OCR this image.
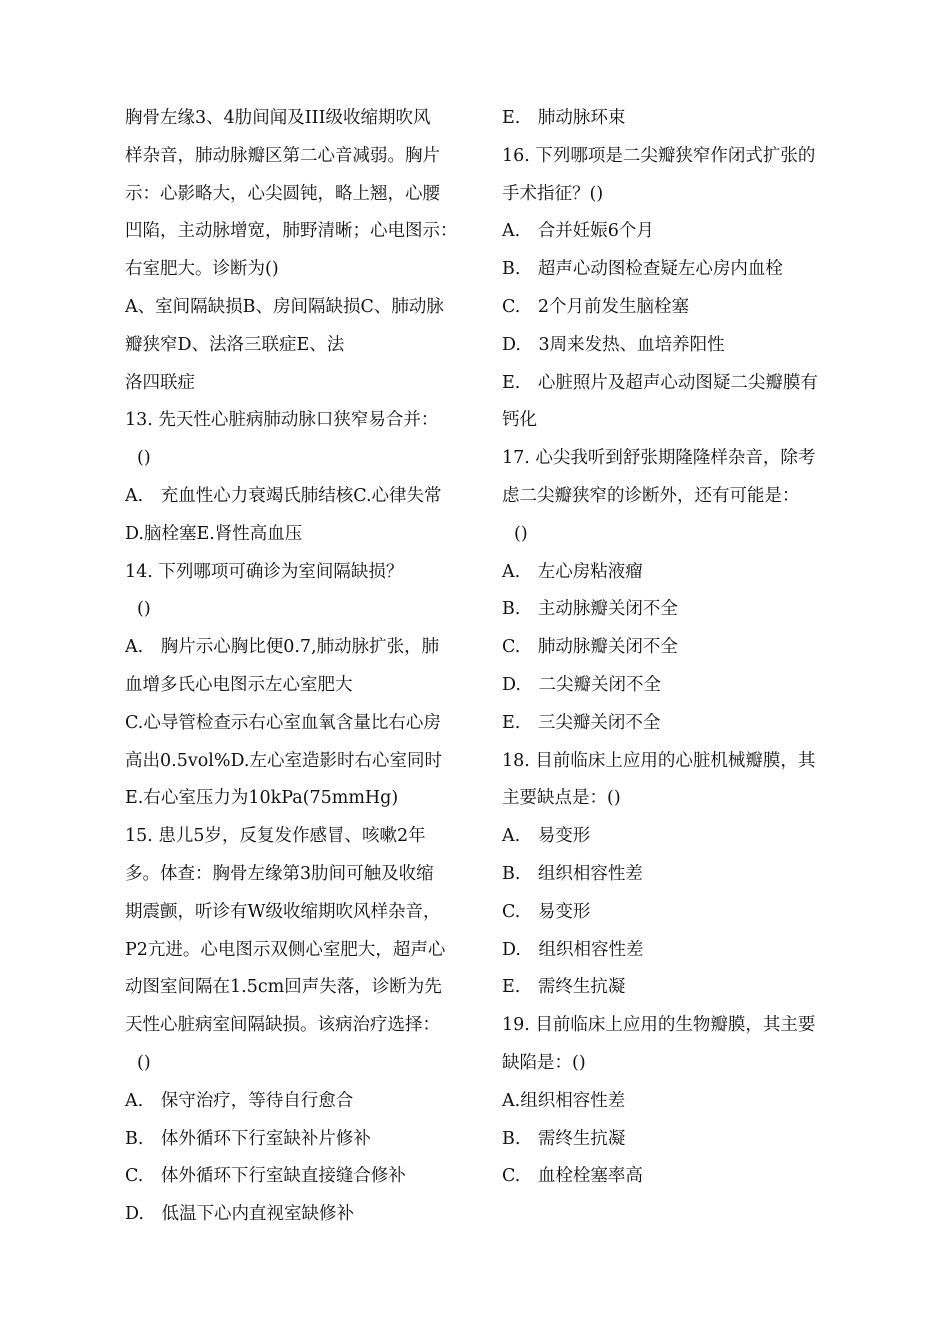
胸骨左缘3、4肋间闻及III级收缩期吹风
样杂音，肺动脉瓣区第二心音减弱。胸片
示：心影略大，心尖圆钝，略上翘，心腰
凹陷，主动脉增宽，肺野清晰；心电图示：
右室肥大。诊断为()
A、室间隔缺损B、房间隔缺损C、肺动脉
瓣狭窄D、法洛三联症E、法
洛四联症
13. 先天性心脏病肺动脉口狭窄易合并：
()
A.　充血性心力衰竭氏肺结核C.心律失常
D.脑栓塞E.肾性高血压
14. 下列哪项可确诊为室间隔缺损？
()
A.　胸片示心胸比便0.7,肺动脉扩张，肺
血增多氏心电图示左心室肥大
C.心导管检查示右心室血氧含量比右心房
高出0.5vol%D.左心室造影时右心室同时
E.右心室压力为10kPa(75mmHg)
15. 患儿5岁，反复发作感冒、咳嗽2年
多。体查：胸骨左缘第3肋间可触及收缩
期震颤，听诊有W级收缩期吹风样杂音，
P2亢进。心电图示双侧心室肥大，超声心
动图室间隔在1.5cm回声失落，诊断为先
天性心脏病室间隔缺损。该病治疗选择：
()
A.　保守治疗，等待自行愈合
B.　体外循环下行室缺补片修补
C.　体外循环下行室缺直接缝合修补
D.　低温下心内直视室缺修补
E.　肺动脉环束
16. 下列哪项是二尖瓣狭窄作闭式扩张的
手术指征？()
A.　合并妊娠6个月
B.　超声心动图检查疑左心房内血栓
C.　2个月前发生脑栓塞
D.　3周来发热、血培养阳性
E.　心脏照片及超声心动图疑二尖瓣膜有
钙化
17. 心尖我听到舒张期隆隆样杂音，除考
虑二尖瓣狭窄的诊断外，还有可能是：
()
A.　左心房粘液瘤
B.　主动脉瓣关闭不全
C.　肺动脉瓣关闭不全
D.　二尖瓣关闭不全
E.　三尖瓣关闭不全
18. 目前临床上应用的心脏机械瓣膜，其
主要缺点是：()
A.　易变形
B.　组织相容性差
C.　易变形
D.　组织相容性差
E.　需终生抗凝
19. 目前临床上应用的生物瓣膜，其主要
缺陷是：()
A.组织相容性差
B.　需终生抗凝
C.　血栓栓塞率高
